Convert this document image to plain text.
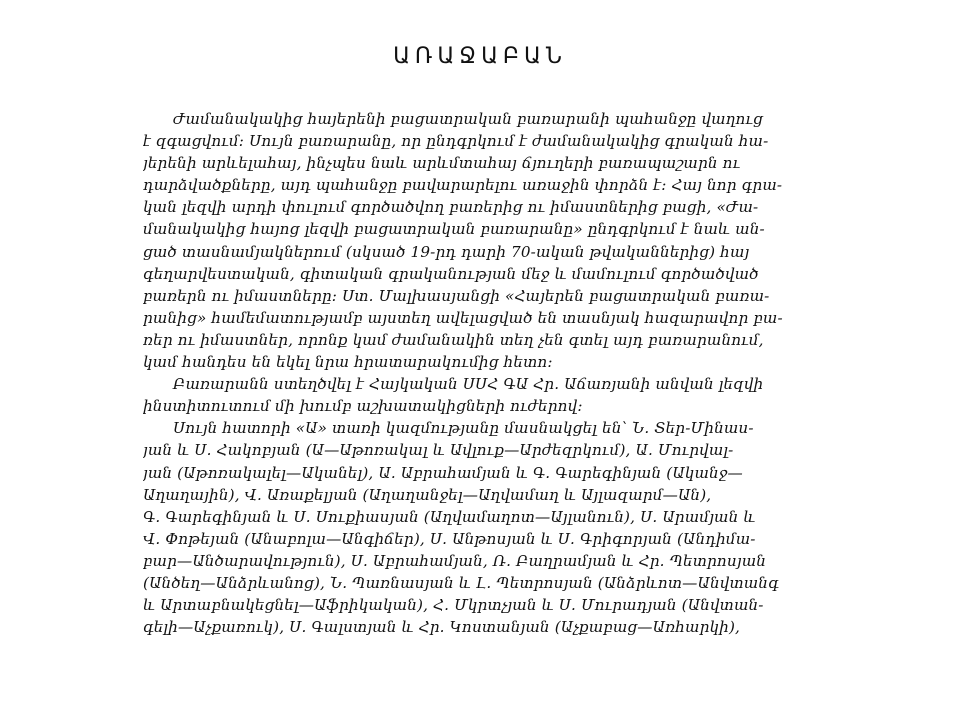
ԱՌԱՋԱԲԱՆ
Ժամանակակից հայերենի բացատրական բառարանի պահանջը վաղուց
է զգացվում։ Սույն բառարանը, որ ընդգրկում է ժամանակակից գրական հա-
յերենի արևելահայ, ինչպես նաև արևմտահայ ճյուղերի բառապաշարն ու
դարձվածքները, այդ պահանջը բավարարելու առաջին փորձն է։ Հայ նոր գրա-
կան լեզվի արդի փուլում գործածվող բառերից ու իմաստներից բացի, «Ժա-
մանակակից հայոց լեզվի բացատրական բառարանը» ընդգրկում է նաև ան-
ցած տասնամյակներում (սկսած 19-րդ դարի 70-ական թվականներից) հայ
գեղարվեստական, գիտական գրականության մեջ և մամուլում գործածված
բառերն ու իմաստները։ Ստ. Մալխասյանցի «Հայերեն բացատրական բառա-
րանից» համեմատությամբ այստեղ ավելացված են տասնյակ հազարավոր բա-
ռեր ու իմաստներ, որոնք կամ ժամանակին տեղ չեն գտել այդ բառարանում,
կամ հանդես են եկել նրա հրատարակումից հետո։
Բառարանն ստեղծվել է Հայկական ՍՍՀ ԳԱ Հր. Աճառյանի անվան լեզվի
ինստիտուտում մի խումբ աշխատակիցների ուժերով։
Սույն հատորի «Ա» տառի կազմությանը մասնակցել են՝ Ն. Տեր-Մինաս-
յան և Ս. Հակոբյան (Ա—Աթոռակալ և Ավլուք—Արժեզրկում), Ա. Մուրվալ-
յան (Աթոռակալել—Ականել), Ա. Աբրահամյան և Գ. Գարեգինյան (Ականջ—
Աղաղային), Վ. Առաքելյան (Աղաղանջել—Աղվամաղ և Այլազարմ—Ան),
Գ. Գարեգինյան և Ս. Սուքիասյան (Աղվամաղոտ—Այլանուն), Ս. Արամյան և
Վ. Փոթեյան (Անաբոլա—Անգիճեր), Ս. Անթոսյան և Ս. Գրիգորյան (Անդիմա-
բար—Անծարավություն), Ս. Աբրահամյան, Ռ. Բաղրամյան և Հր. Պետրոսյան
(Անծեղ—Անձրևանոց), Ն. Պառնասյան և Լ. Պետրոսյան (Անձրևոտ—Անվտանգ
և Արտաբնակեցնել—Աֆրիկական), Հ. Մկրտչյան և Ս. Մուրադյան (Անվտան-
գելի—Աչքառուկ), Ս. Գալստյան և Հր. Կոստանյան (Աչքաբաց—Առհարկի),
